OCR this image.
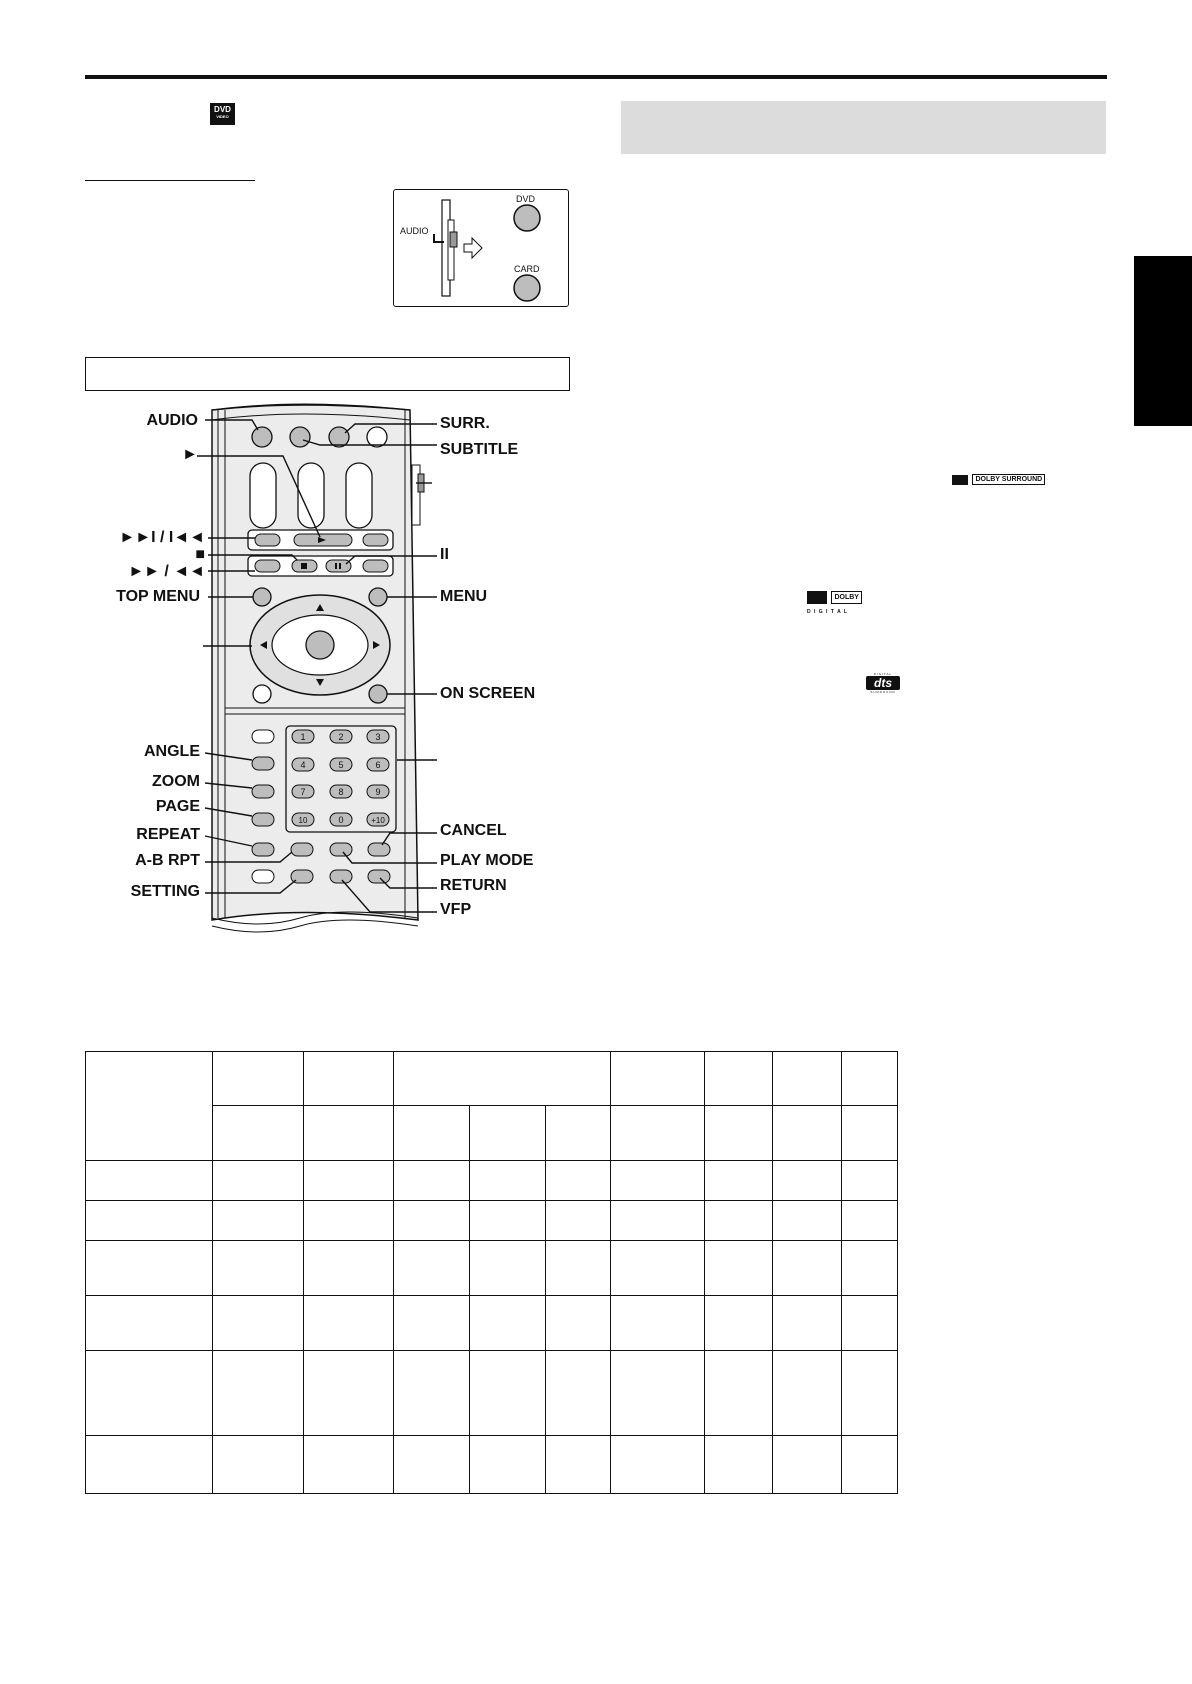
DVD
VIDEO
AUDIO
DVD
CARD
1	2	3
4	5	6
7	8	9
10	0	+10
AUDIO
►
►►I / I◄◄
■
►► / ◄◄
TOP MENU
ANGLE
ZOOM
PAGE
REPEAT
A-B RPT
SETTING
SURR.
SUBTITLE
II
MENU
ON SCREEN
CANCEL
PLAY MODE
RETURN
VFP
DOLBY SURROUND
DOLBY
D I G I T A L
DIGITAL
dts
SURROUND
